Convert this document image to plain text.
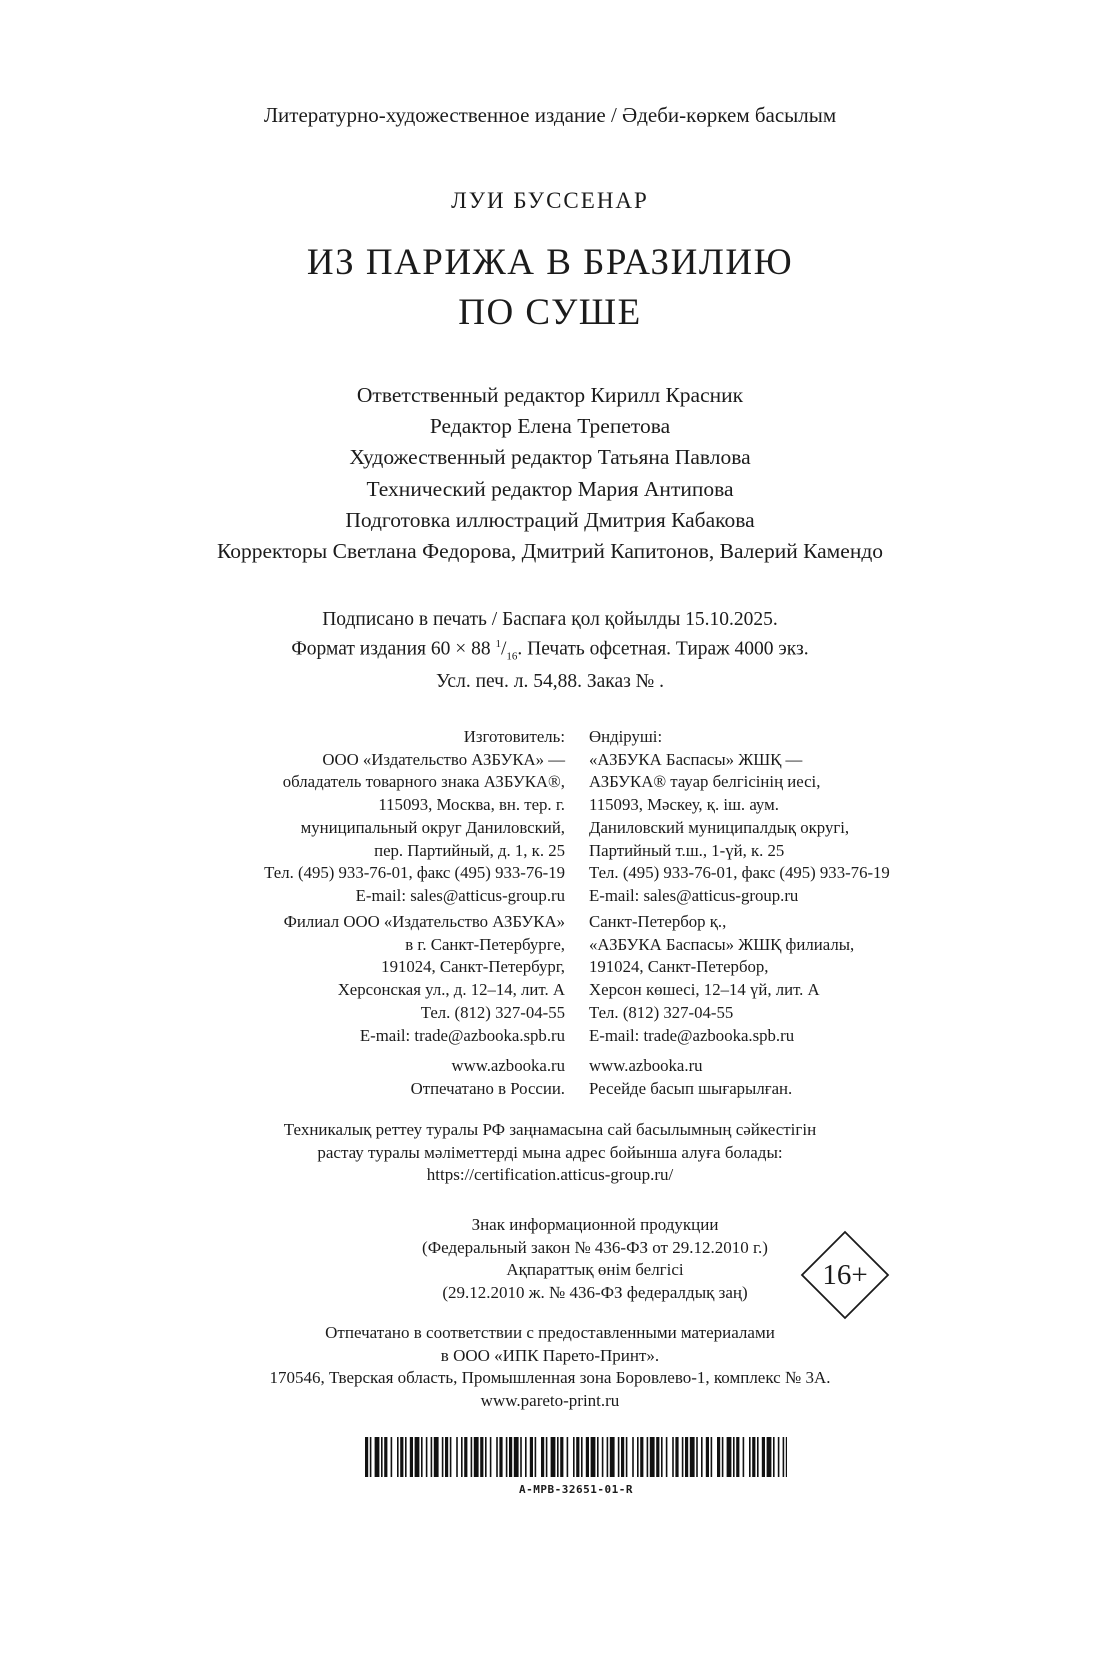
Литературно-художественное издание / Әдеби-көркем басылым
ЛУИ БУССЕНАР
ИЗ ПАРИЖА В БРАЗИЛИЮ
ПО СУШЕ
Ответственный редактор Кирилл Красник
Редактор Елена Трепетова
Художественный редактор Татьяна Павлова
Технический редактор Мария Антипова
Подготовка иллюстраций Дмитрия Кабакова
Корректоры Светлана Федорова, Дмитрий Капитонов, Валерий Камендо
Подписано в печать / Баспаға қол қойылды 15.10.2025.
Формат издания 60 × 88 $^1/_{16}$. Печать офсетная. Тираж 4000 экз.
Усл. печ. л. 54,88. Заказ № .
Изготовитель:
ООО «Издательство АЗБУКА» —
обладатель товарного знака АЗБУКА®,
115093, Москва, вн. тер. г.
муниципальный округ Даниловский,
пер. Партийный, д. 1, к. 25
Тел. (495) 933-76-01, факс (495) 933-76-19
E-mail: sales@atticus-group.ru
Өндіруші:
«АЗБУКА Баспасы» ЖШҚ —
АЗБУКА® тауар белгісінің иесі,
115093, Мәскеу, қ. іш. аум.
Даниловский муниципалдық округі,
Партийный т.ш., 1-үй, к. 25
Тел. (495) 933-76-01, факс (495) 933-76-19
E-mail: sales@atticus-group.ru
Филиал ООО «Издательство АЗБУКА»
в г. Санкт-Петербурге,
191024, Санкт-Петербург,
Херсонская ул., д. 12–14, лит. А
Тел. (812) 327-04-55
E-mail: trade@azbooka.spb.ru
Санкт-Петербор қ.,
«АЗБУКА Баспасы» ЖШҚ филиалы,
191024, Санкт-Петербор,
Херсон көшесі, 12–14 үй, лит. А
Тел. (812) 327-04-55
E-mail: trade@azbooka.spb.ru
www.azbooka.ru
Отпечатано в России.
www.azbooka.ru
Ресейде басып шығарылған.
Техникалық реттеу туралы РФ заңнамасына сай басылымның сәйкестігін
растау туралы мәліметтерді мына адрес бойынша алуға болады:
https://certification.atticus-group.ru/
Знак информационной продукции
(Федеральный закон № 436-ФЗ от 29.12.2010 г.)
Ақпараттық өнім белгісі
(29.12.2010 ж. № 436-ФЗ федералдық заң)
16+
Отпечатано в соответствии с предоставленными материалами
в ООО «ИПК Парето-Принт».
170546, Тверская область, Промышленная зона Боровлево-1, комплекс № 3А.
www.pareto-print.ru
A-MPB-32651-01-R
